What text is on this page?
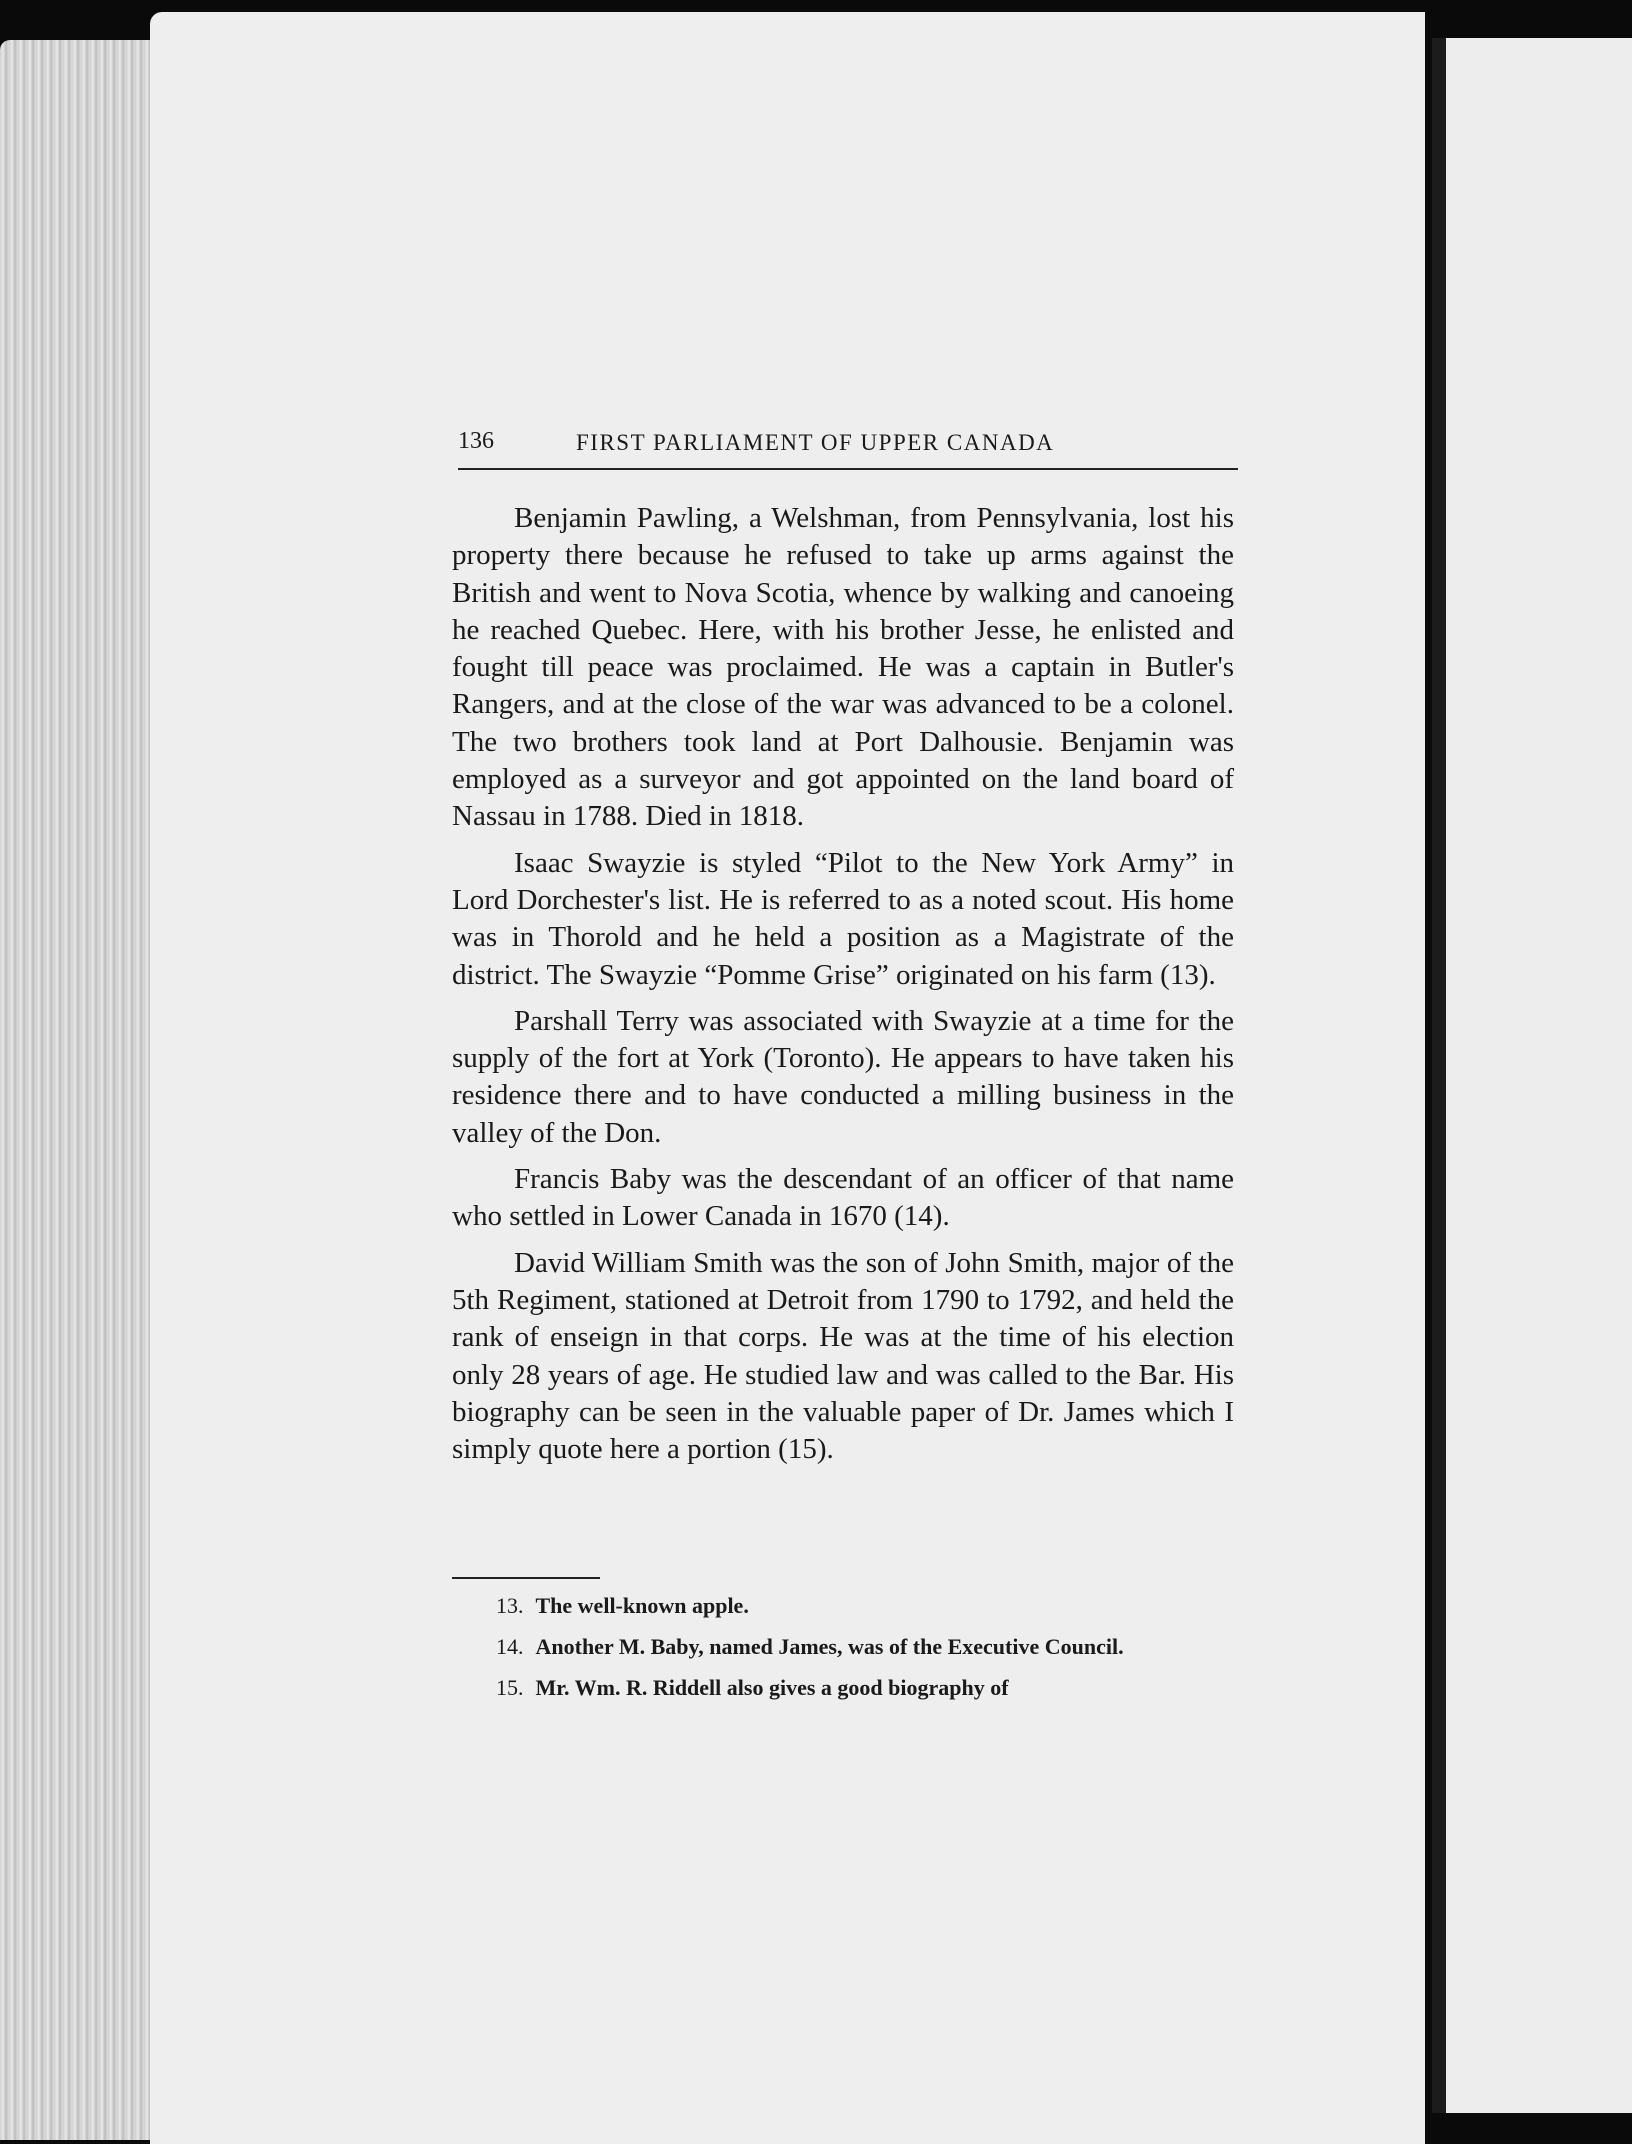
136	FIRST PARLIAMENT OF UPPER CANADA

Benjamin Pawling, a Welshman, from Pennsylvania, lost his property there because he refused to take up arms against the British and went to Nova Scotia, whence by walking and canoeing he reached Quebec. Here, with his brother Jesse, he enlisted and fought till peace was proclaimed. He was a captain in Butler's Rangers, and at the close of the war was advanced to be a colonel. The two brothers took land at Port Dalhousie. Benjamin was employed as a surveyor and got appointed on the land board of Nassau in 1788. Died in 1818.

Isaac Swayzie is styled “Pilot to the New York Army” in Lord Dorchester's list. He is referred to as a noted scout. His home was in Thorold and he held a position as a Magistrate of the district. The Swayzie “Pomme Grise” originated on his farm (13).

Parshall Terry was associated with Swayzie at a time for the supply of the fort at York (Toronto). He appears to have taken his residence there and to have conducted a milling business in the valley of the Don.

Francis Baby was the descendant of an officer of that name who settled in Lower Canada in 1670 (14).

David William Smith was the son of John Smith, major of the 5th Regiment, stationed at Detroit from 1790 to 1792, and held the rank of enseign in that corps. He was at the time of his election only 28 years of age. He studied law and was called to the Bar. His biography can be seen in the valuable paper of Dr. James which I simply quote here a portion (15).

13. The well-known apple.

14. Another M. Baby, named James, was of the Executive Council.

15. Mr. Wm. R. Riddell also gives a good biography of
